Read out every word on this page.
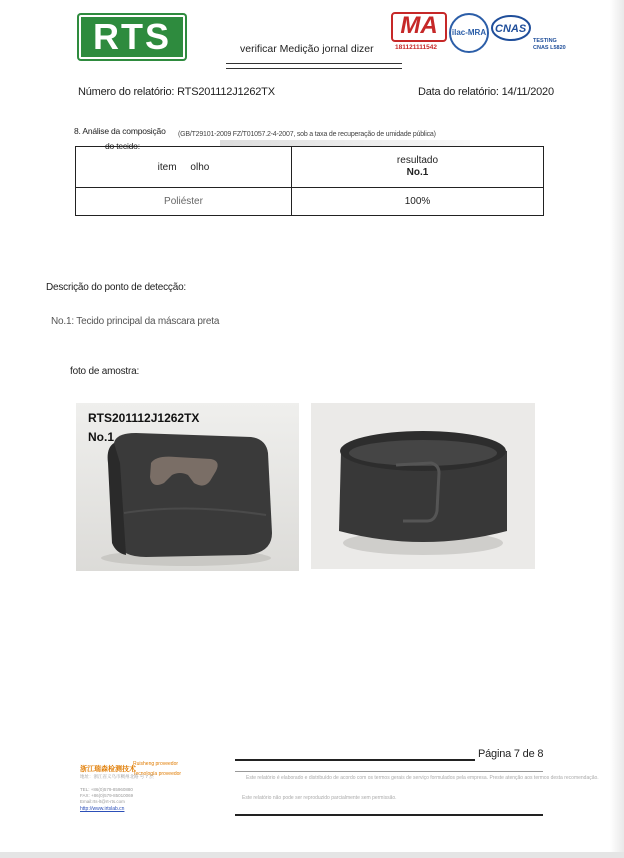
RTS	verificar Medição jornal dizer
MA
181121111542
ilac-MRA CNAS
TESTING
CNAS L5820
Número do relatório: RTS201112J1262TX	Data do relatório: 14/11/2020
8. Análise da composição
do tecido:
(GB/T29101-2009 FZ/T01057.2-4-2007, sob a taxa de recuperação de umidade pública)
item     olho	resultado
No.1

Poliéster	100%
Descrição do ponto de detecção:
No.1: Tecido principal da máscara preta
foto de amostra:
RTS201112J1262TX
No.1
Página 7 de 8
Este relatório é elaborado e distribuído de acordo com os termos gerais de serviço formulados pela empresa. Preste atenção aos termos desta recomendação.
Este relatório não pode ser reproduzido parcialmente sem permissão.
浙江瑞森检测技术
Ruisheng proveedor
Tecnología proveedor
地址：浙江省义乌市稠州北路 号 7 层
TEL: +86(0)579-85960880
FAX: +86(0)579-85010069
Email:rts-lt@rt-rts.com
http://www.irtslab.cn
